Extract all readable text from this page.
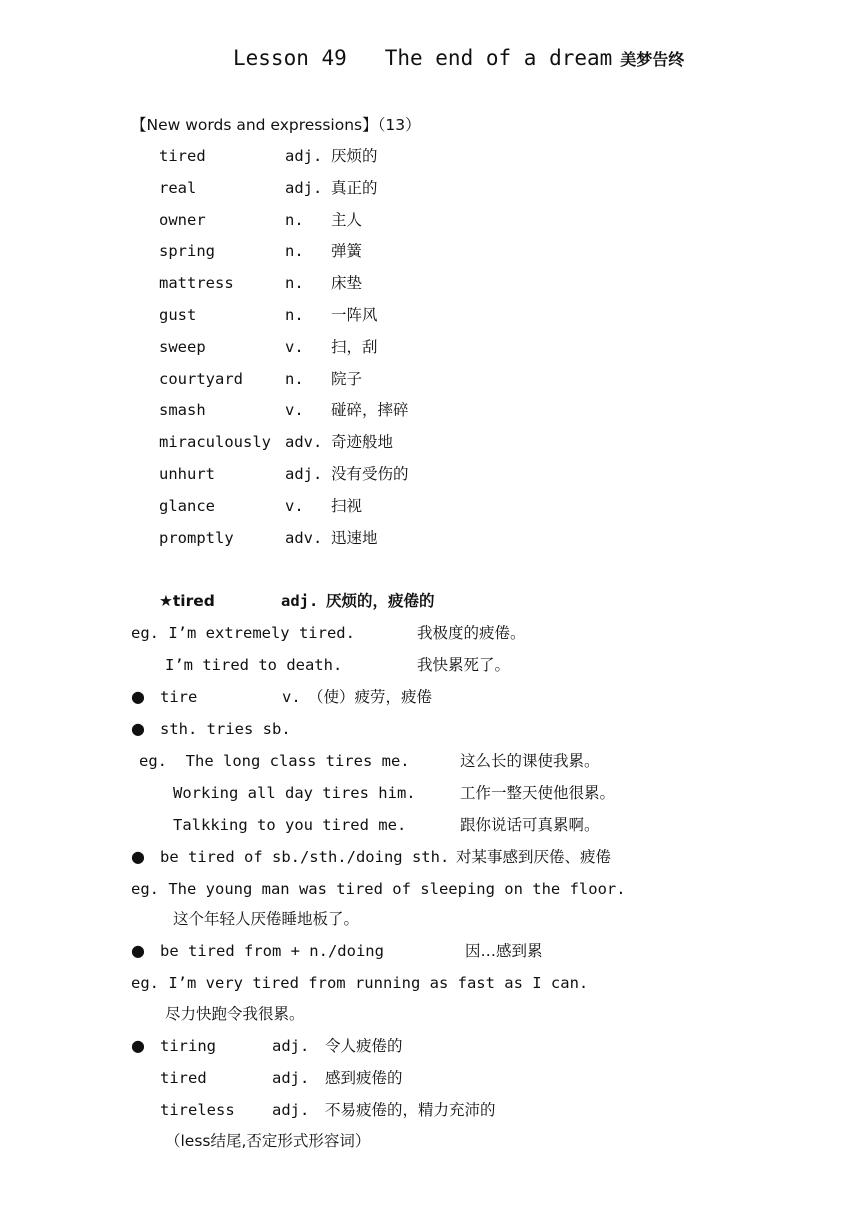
Lesson 49   The end of a dream 美梦告终
【New words and expressions】（13）
tired	adj. 厌烦的
real	adj. 真正的
owner	n. 主人
spring	n. 弹簧
mattress	n. 床垫
gust	n. 一阵风
sweep	v. 扫，刮
courtyard	n. 院子
smash	v. 碰碎，摔碎
miraculously adv. 奇迹般地
unhurt	adj. 没有受伤的
glance	v. 扫视
promptly	adv. 迅速地
★tired	adj. 厌烦的，疲倦的
eg. I’m extremely tired.	我极度的疲倦。
I’m tired to death.	我快累死了。
● tire	v. （使）疲劳，疲倦
● sth. tries sb.
eg.  The long class tires me.	这么长的课使我累。
Working all day tires him.	工作一整天使他很累。
Talkking to you tired me.	跟你说话可真累啊。
● be tired of sb./sth./doing sth. 对某事感到厌倦、疲倦
eg. The young man was tired of sleeping on the floor.
这个年轻人厌倦睡地板了。
● be tired from + n./doing	因…感到累
eg. I’m very tired from running as fast as I can.
尽力快跑令我很累。
● tiring	adj. 令人疲倦的
tired	adj. 感到疲倦的
tireless adj. 不易疲倦的，精力充沛的
（less结尾,否定形式形容词）
